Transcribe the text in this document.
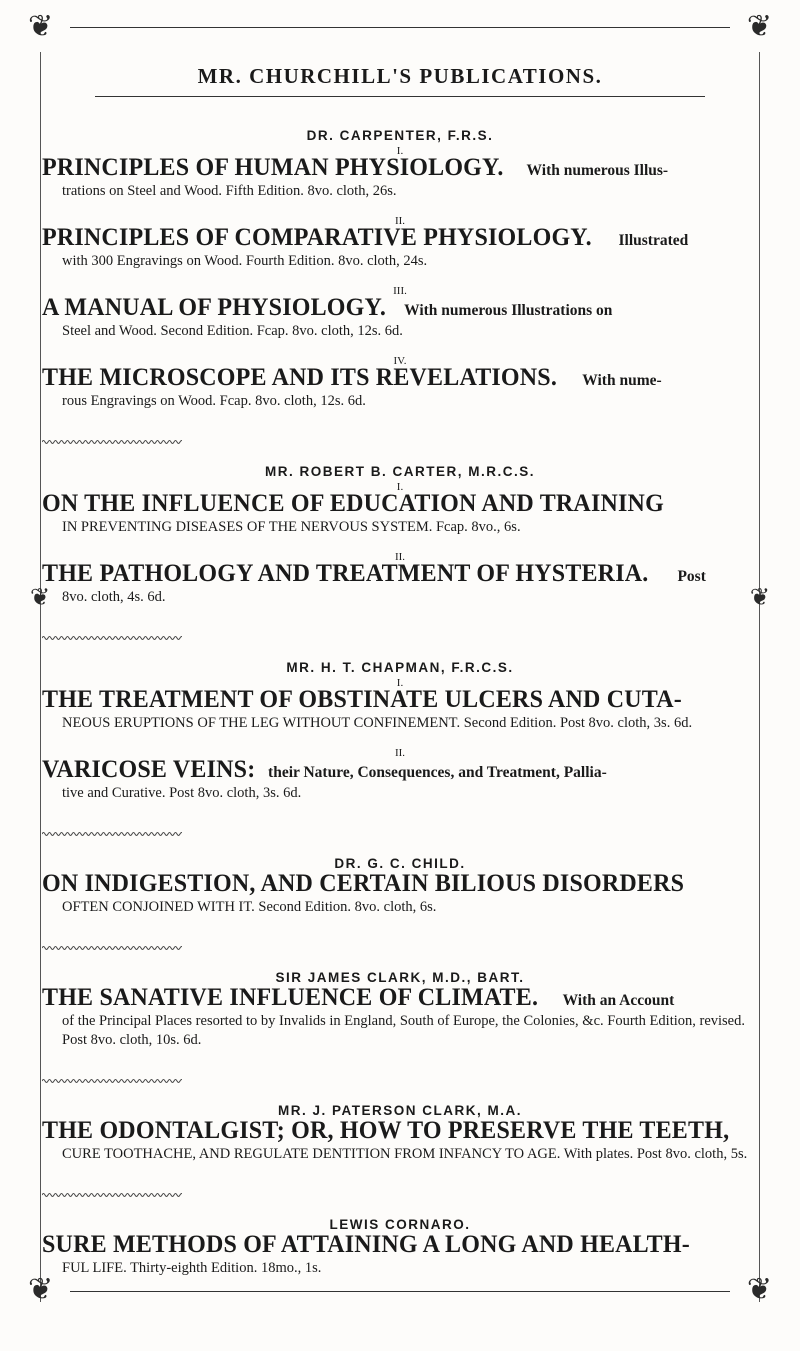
❦	❦
❦	❦
❦	❦
MR. CHURCHILL'S PUBLICATIONS.
DR. CARPENTER, F.R.S.
I.
PRINCIPLES OF HUMAN PHYSIOLOGY. With numerous Illus-
trations on Steel and Wood. Fifth Edition. 8vo. cloth, 26s.
II.
PRINCIPLES OF COMPARATIVE PHYSIOLOGY. Illustrated
with 300 Engravings on Wood. Fourth Edition. 8vo. cloth, 24s.
III.
A MANUAL OF PHYSIOLOGY. With numerous Illustrations on
Steel and Wood. Second Edition. Fcap. 8vo. cloth, 12s. 6d.
IV.
THE MICROSCOPE AND ITS REVELATIONS. With nume-
rous Engravings on Wood. Fcap. 8vo. cloth, 12s. 6d.
MR. ROBERT B. CARTER, M.R.C.S.
I.
ON THE INFLUENCE OF EDUCATION AND TRAINING
IN PREVENTING DISEASES OF THE NERVOUS SYSTEM. Fcap. 8vo., 6s.
II.
THE PATHOLOGY AND TREATMENT OF HYSTERIA. Post
8vo. cloth, 4s. 6d.
MR. H. T. CHAPMAN, F.R.C.S.
I.
THE TREATMENT OF OBSTINATE ULCERS AND CUTA-
NEOUS ERUPTIONS OF THE LEG WITHOUT CONFINEMENT. Second Edition. Post 8vo. cloth, 3s. 6d.
II.
VARICOSE VEINS: their Nature, Consequences, and Treatment, Pallia-
tive and Curative. Post 8vo. cloth, 3s. 6d.
DR. G. C. CHILD.
ON INDIGESTION, AND CERTAIN BILIOUS DISORDERS
OFTEN CONJOINED WITH IT. Second Edition. 8vo. cloth, 6s.
SIR JAMES CLARK, M.D., BART.
THE SANATIVE INFLUENCE OF CLIMATE. With an Account
of the Principal Places resorted to by Invalids in England, South of Europe, the Colonies, &c. Fourth Edition, revised. Post 8vo. cloth, 10s. 6d.
MR. J. PATERSON CLARK, M.A.
THE ODONTALGIST; OR, HOW TO PRESERVE THE TEETH,
CURE TOOTHACHE, AND REGULATE DENTITION FROM INFANCY TO AGE. With plates. Post 8vo. cloth, 5s.
LEWIS CORNARO.
SURE METHODS OF ATTAINING A LONG AND HEALTH-
FUL LIFE. Thirty-eighth Edition. 18mo., 1s.
